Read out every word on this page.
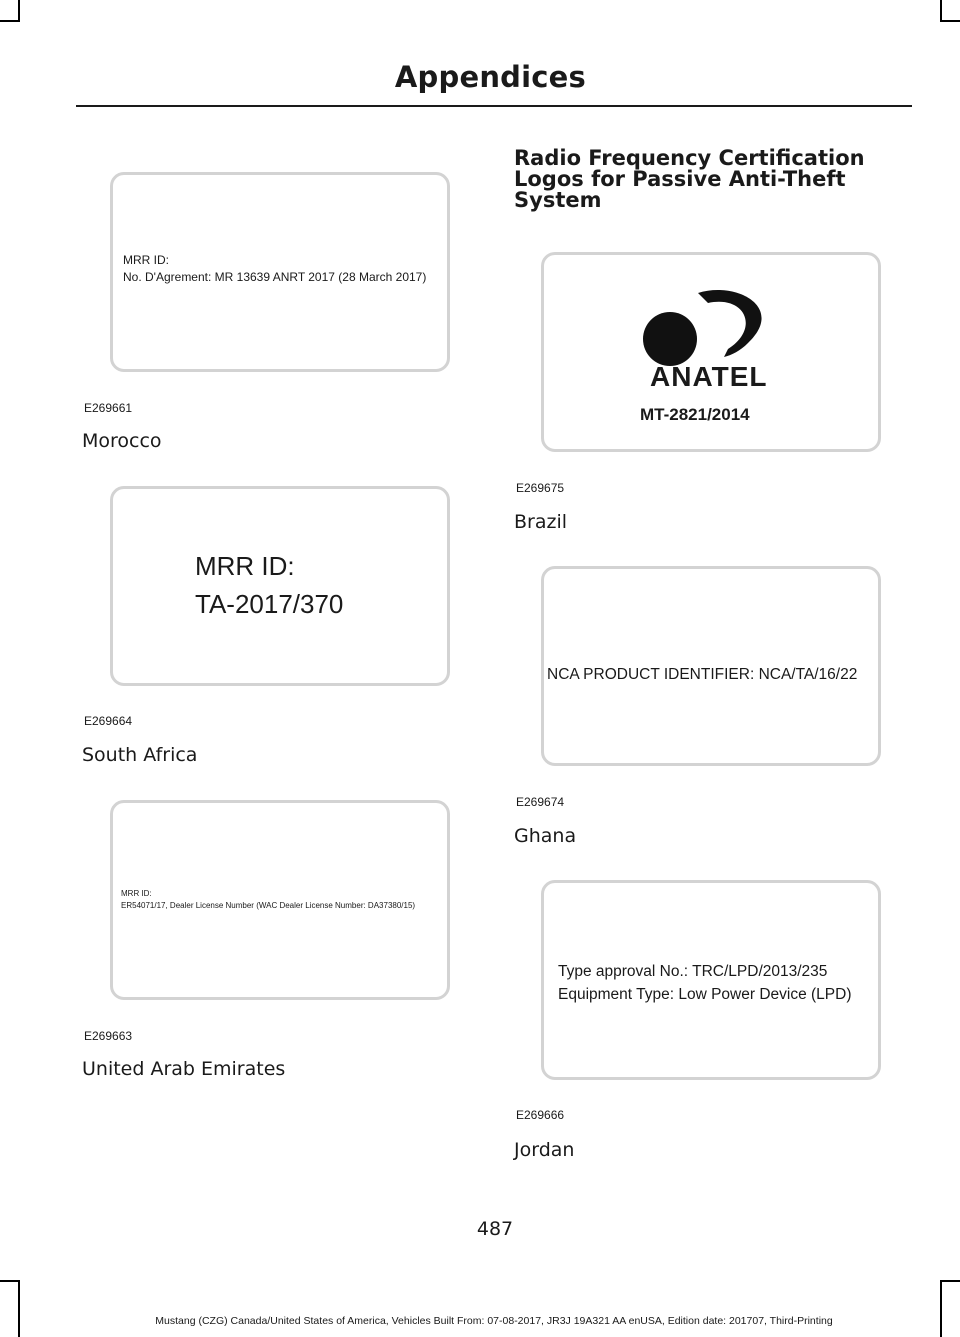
Appendices
MRR ID:
No. D'Agrement: MR 13639 ANRT 2017 (28 March 2017)
E269661
Morocco
MRR ID:
TA-2017/370
E269664
South Africa
MRR ID:
ER54071/17, Dealer License Number (WAC Dealer License Number: DA37380/15)
E269663
United Arab Emirates
Radio Frequency Certification
Logos for Passive Anti-Theft
System
ANATEL
MT-2821/2014
E269675
Brazil
NCA PRODUCT IDENTIFIER: NCA/TA/16/22
E269674
Ghana
Type approval No.: TRC/LPD/2013/235
Equipment Type: Low Power Device (LPD)
E269666
Jordan
487
Mustang (CZG) Canada/United States of America, Vehicles Built From: 07-08-2017, JR3J 19A321 AA enUSA, Edition date: 201707, Third-Printing
